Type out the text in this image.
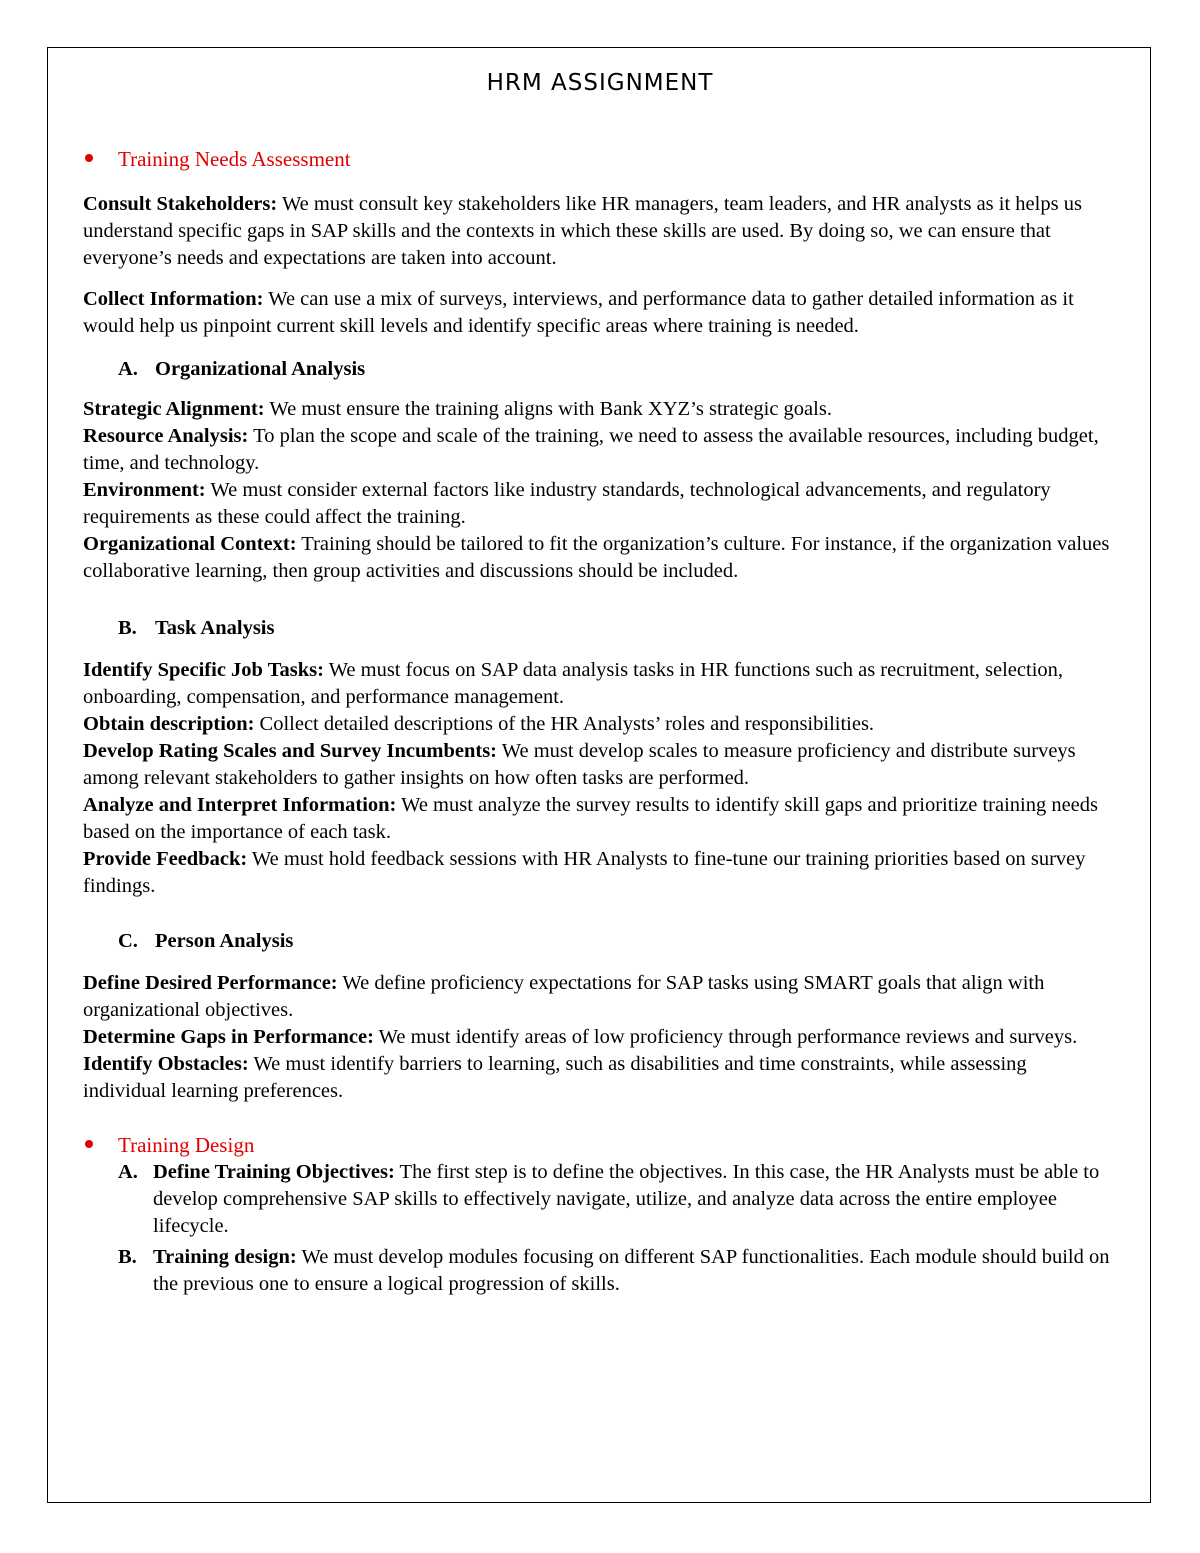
HRM ASSIGNMENT
Training Needs Assessment

Consult Stakeholders: We must consult key stakeholders like HR managers, team leaders, and HR analysts as it helps us understand specific gaps in SAP skills and the contexts in which these skills are used. By doing so, we can ensure that everyone’s needs and expectations are taken into account.

Collect Information: We can use a mix of surveys, interviews, and performance data to gather detailed information as it would help us pinpoint current skill levels and identify specific areas where training is needed.

A. Organizational Analysis

Strategic Alignment: We must ensure the training aligns with Bank XYZ’s strategic goals.

Resource Analysis: To plan the scope and scale of the training, we need to assess the available resources, including budget, time, and technology.

Environment: We must consider external factors like industry standards, technological advancements, and regulatory requirements as these could affect the training.

Organizational Context: Training should be tailored to fit the organization’s culture. For instance, if the organization values collaborative learning, then group activities and discussions should be included.

B. Task Analysis

Identify Specific Job Tasks: We must focus on SAP data analysis tasks in HR functions such as recruitment, selection, onboarding, compensation, and performance management.

Obtain description: Collect detailed descriptions of the HR Analysts’ roles and responsibilities.

Develop Rating Scales and Survey Incumbents: We must develop scales to measure proficiency and distribute surveys among relevant stakeholders to gather insights on how often tasks are performed.

Analyze and Interpret Information: We must analyze the survey results to identify skill gaps and prioritize training needs based on the importance of each task.

Provide Feedback: We must hold feedback sessions with HR Analysts to fine-tune our training priorities based on survey findings.

C. Person Analysis

Define Desired Performance: We define proficiency expectations for SAP tasks using SMART goals that align with organizational objectives.

Determine Gaps in Performance: We must identify areas of low proficiency through performance reviews and surveys.

Identify Obstacles: We must identify barriers to learning, such as disabilities and time constraints, while assessing individual learning preferences.

Training Design
A. Define Training Objectives: The first step is to define the objectives. In this case, the HR Analysts must be able to develop comprehensive SAP skills to effectively navigate, utilize, and analyze data across the entire employee lifecycle.
B. Training design: We must develop modules focusing on different SAP functionalities. Each module should build on the previous one to ensure a logical progression of skills.
